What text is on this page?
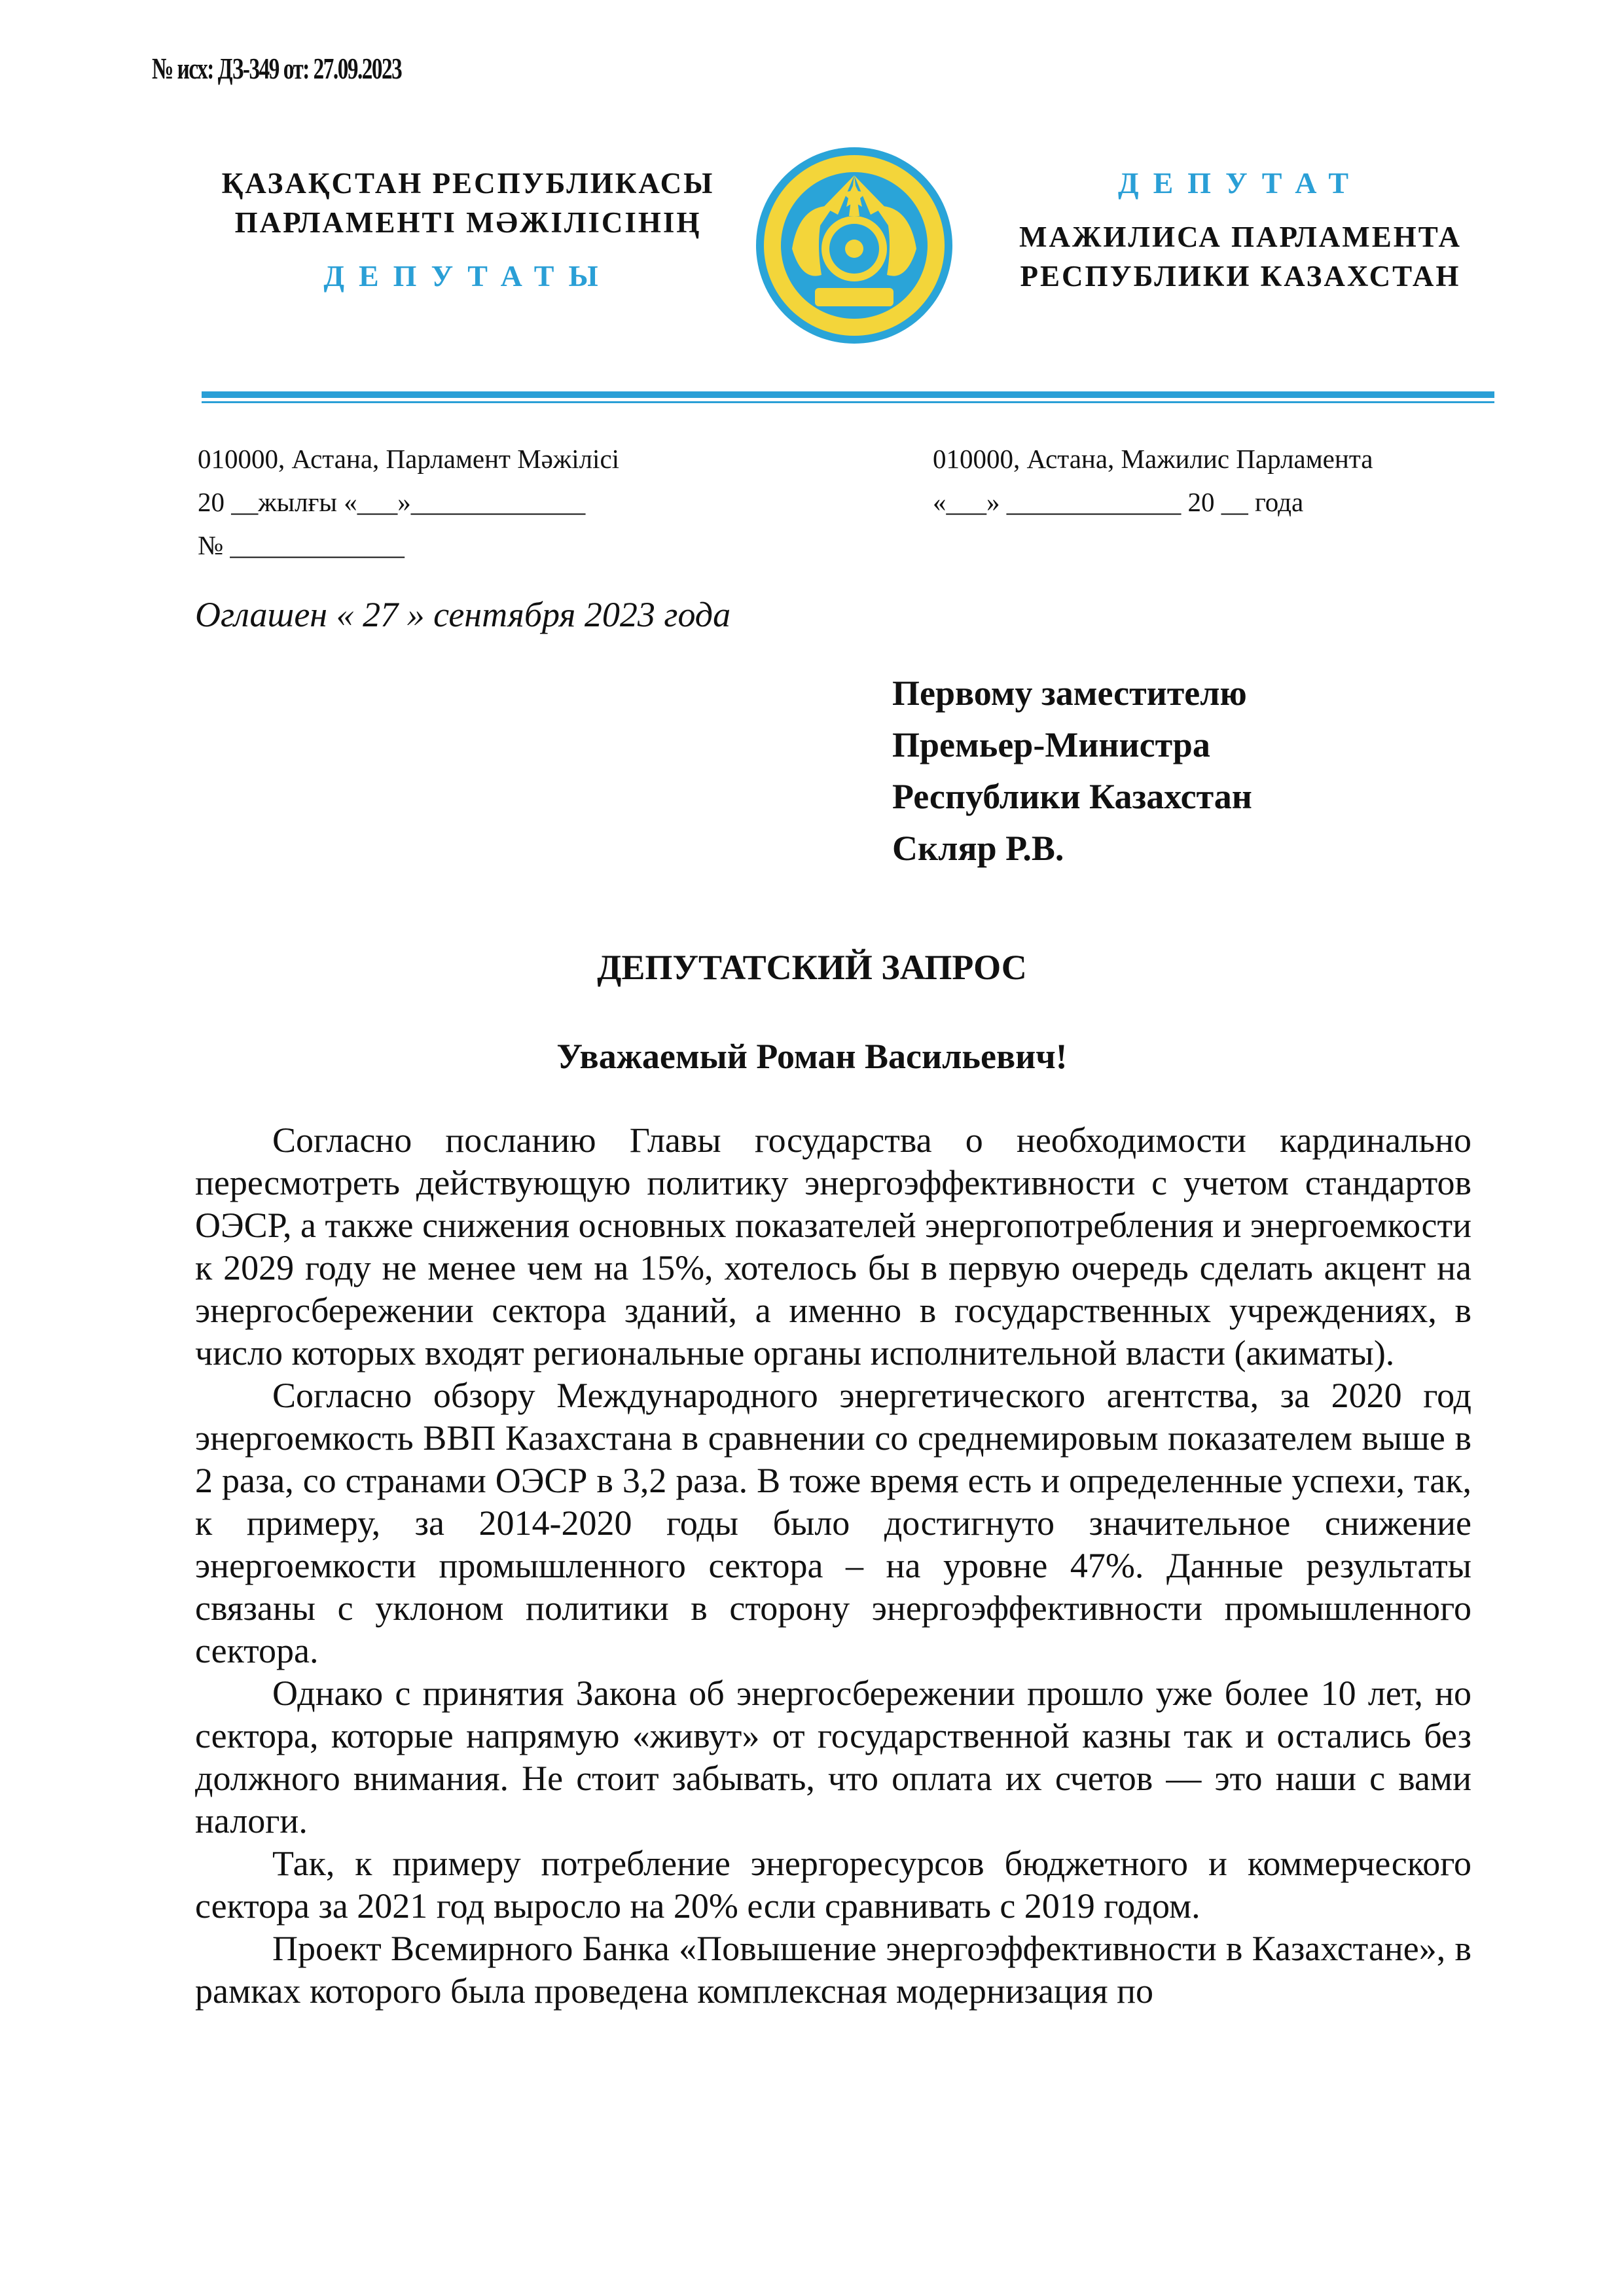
№ исх: ДЗ-349 от: 27.09.2023
ҚАЗАҚСТАН РЕСПУБЛИКАСЫ
ПАРЛАМЕНТІ МӘЖІЛІСІНІҢ
ДЕПУТАТЫ
ДЕПУТАТ
МАЖИЛИСА ПАРЛАМЕНТА
РЕСПУБЛИКИ КАЗАХСТАН
010000, Астана, Парламент Мәжілісі
20 __жылғы «___»_____________
№ _____________
010000, Астана, Мажилис Парламента
«___» _____________ 20 __ года
Оглашен « 27 » сентября 2023 года
Первому заместителю
Премьер-Министра
Республики Казахстан
Скляр Р.В.
ДЕПУТАТСКИЙ ЗАПРОС
Уважаемый Роман Васильевич!

Согласно посланию Главы государства о необходимости кардинально пересмотреть действующую политику энергоэффективности с учетом стандартов ОЭСР, а также снижения основных показателей энергопотребления и энергоемкости к 2029 году не менее чем на 15%, хотелось бы в первую очередь сделать акцент на энергосбережении сектора зданий, а именно в государственных учреждениях, в число которых входят региональные органы исполнительной власти (акиматы).

Согласно обзору Международного энергетического агентства, за 2020 год энергоемкость ВВП Казахстана в сравнении со среднемировым показателем выше в 2 раза, со странами ОЭСР в 3,2 раза. В тоже время есть и определенные успехи, так, к примеру, за 2014-2020 годы было достигнуто значительное снижение энергоемкости промышленного сектора – на уровне 47%. Данные результаты связаны с уклоном политики в сторону энергоэффективности промышленного сектора.

Однако с принятия Закона об энергосбережении прошло уже более 10 лет, но сектора, которые напрямую «живут» от государственной казны так и остались без должного внимания. Не стоит забывать, что оплата их счетов — это наши с вами налоги.

Так, к примеру потребление энергоресурсов бюджетного и коммерческого сектора за 2021 год выросло на 20% если сравнивать с 2019 годом.

Проект Всемирного Банка «Повышение энергоэффективности в Казахстане», в рамках которого была проведена комплексная модернизация по
